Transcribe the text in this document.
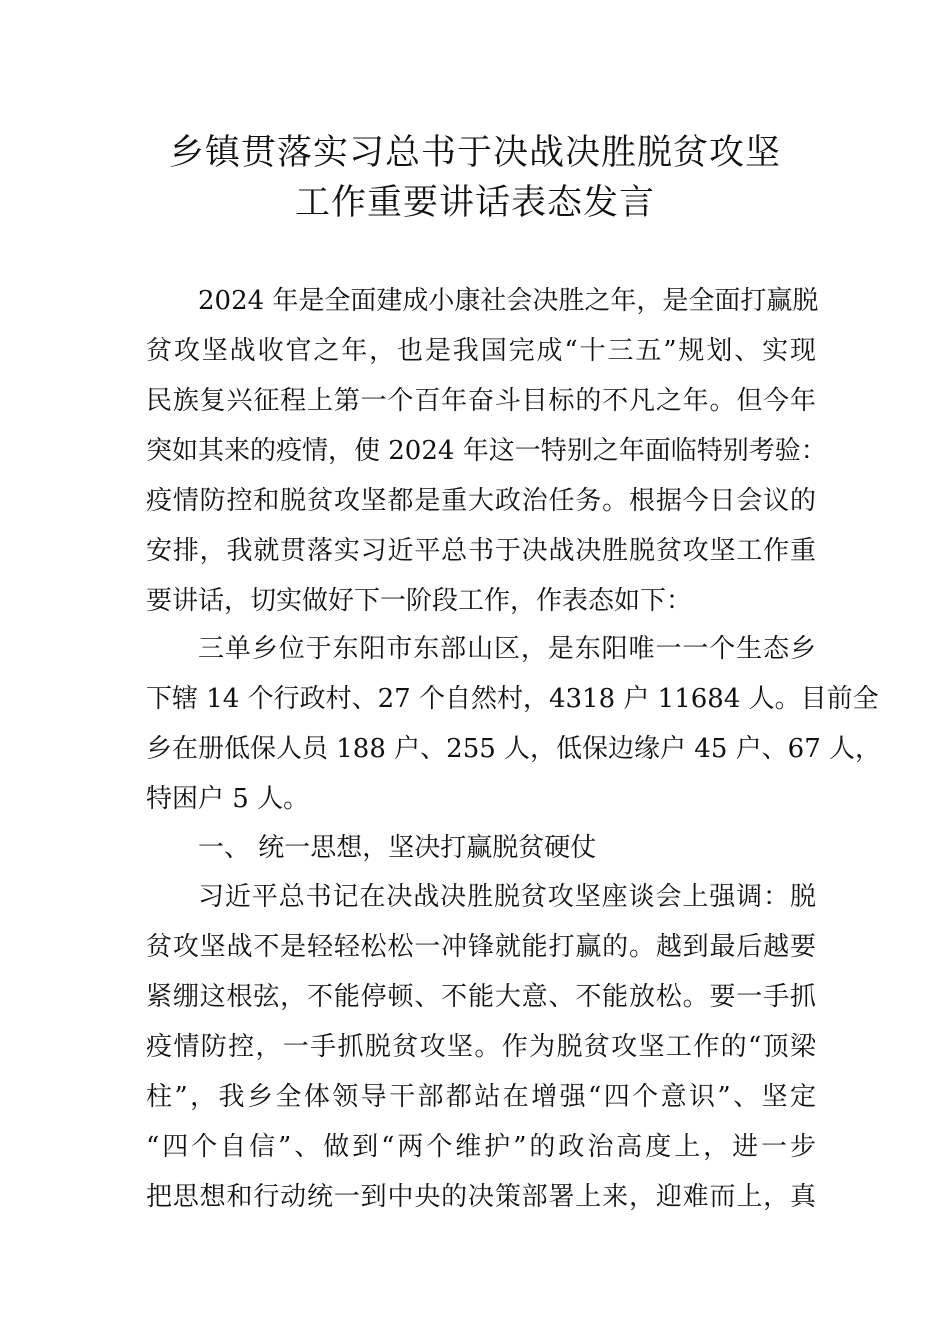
乡镇贯落实习总书于决战决胜脱贫攻坚
工作重要讲话表态发言
2024 年是全面建成小康社会决胜之年，是全面打赢脱
贫攻坚战收官之年，也是我国完成“十三五”规划、实现
民族复兴征程上第一个百年奋斗目标的不凡之年。但今年
突如其来的疫情，使 2024 年这一特别之年面临特别考验：
疫情防控和脱贫攻坚都是重大政治任务。根据今日会议的
安排，我就贯落实习近平总书于决战决胜脱贫攻坚工作重
要讲话，切实做好下一阶段工作，作表态如下：
三单乡位于东阳市东部山区，是东阳唯一一个生态乡
下辖 14 个行政村、27 个自然村，4318 户 11684 人。目前全
乡在册低保人员 188 户、255 人，低保边缘户 45 户、67 人，
特困户 5 人。
一、 统一思想，坚决打赢脱贫硬仗
习近平总书记在决战决胜脱贫攻坚座谈会上强调：脱
贫攻坚战不是轻轻松松一冲锋就能打赢的。越到最后越要
紧绷这根弦，不能停顿、不能大意、不能放松。要一手抓
疫情防控，一手抓脱贫攻坚。作为脱贫攻坚工作的“顶梁
柱”，我乡全体领导干部都站在增强“四个意识”、坚定
“四个自信”、做到“两个维护”的政治高度上，进一步
把思想和行动统一到中央的决策部署上来，迎难而上，真
